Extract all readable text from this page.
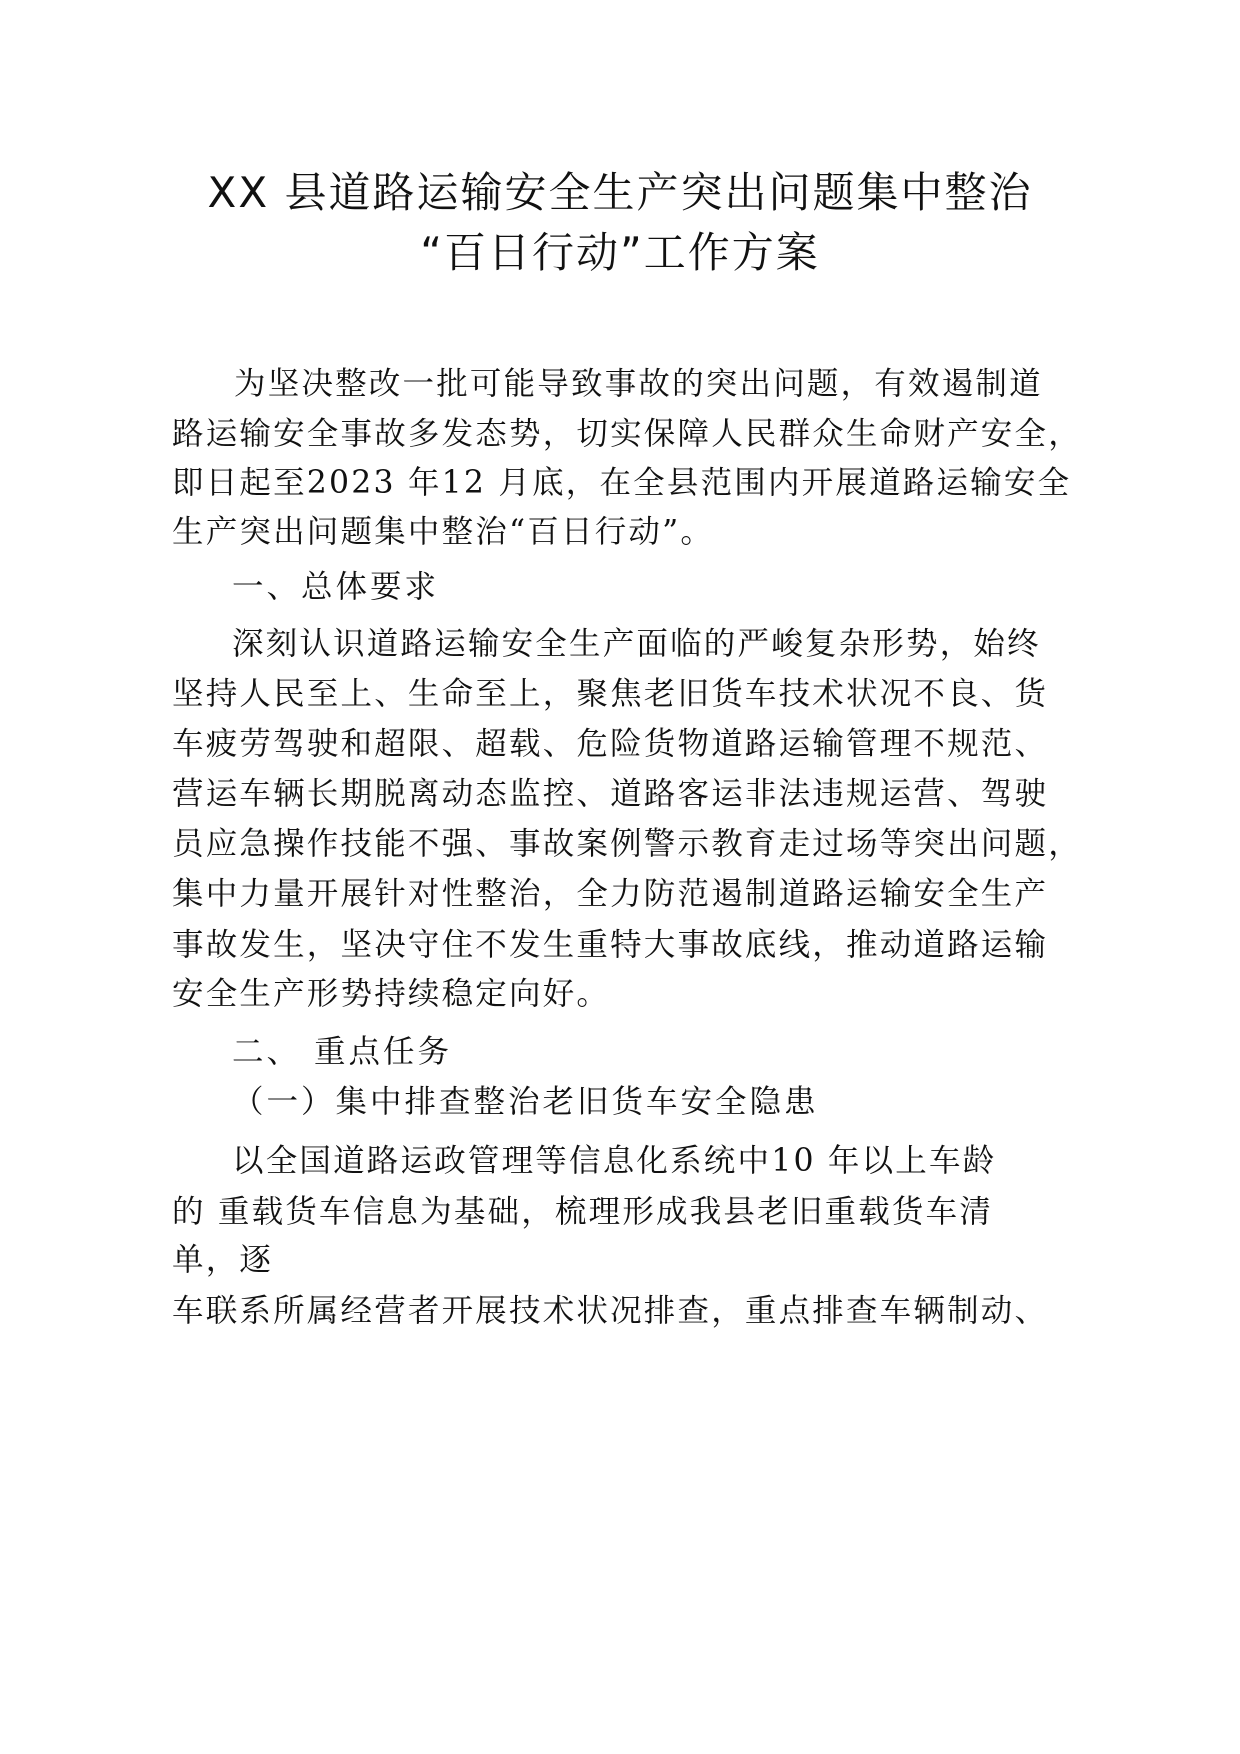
XX 县道路运输安全生产突出问题集中整治
“百日行动”工作方案
为坚决整改一批可能导致事故的突出问题，有效遏制道
路运输安全事故多发态势，切实保障人民群众生命财产安全，
即日起至2023 年12 月底，在全县范围内开展道路运输安全
生产突出问题集中整治“百日行动”。
一、总体要求
深刻认识道路运输安全生产面临的严峻复杂形势，始终
坚持人民至上、生命至上，聚焦老旧货车技术状况不良、货
车疲劳驾驶和超限、超载、危险货物道路运输管理不规范、
营运车辆长期脱离动态监控、道路客运非法违规运营、驾驶
员应急操作技能不强、事故案例警示教育走过场等突出问题，
集中力量开展针对性整治，全力防范遏制道路运输安全生产
事故发生，坚决守住不发生重特大事故底线，推动道路运输
安全生产形势持续稳定向好。
二、 重点任务
（一）集中排查整治老旧货车安全隐患
以全国道路运政管理等信息化系统中10 年以上车龄
的 重载货车信息为基础，梳理形成我县老旧重载货车清
单，逐
车联系所属经营者开展技术状况排查，重点排查车辆制动、
